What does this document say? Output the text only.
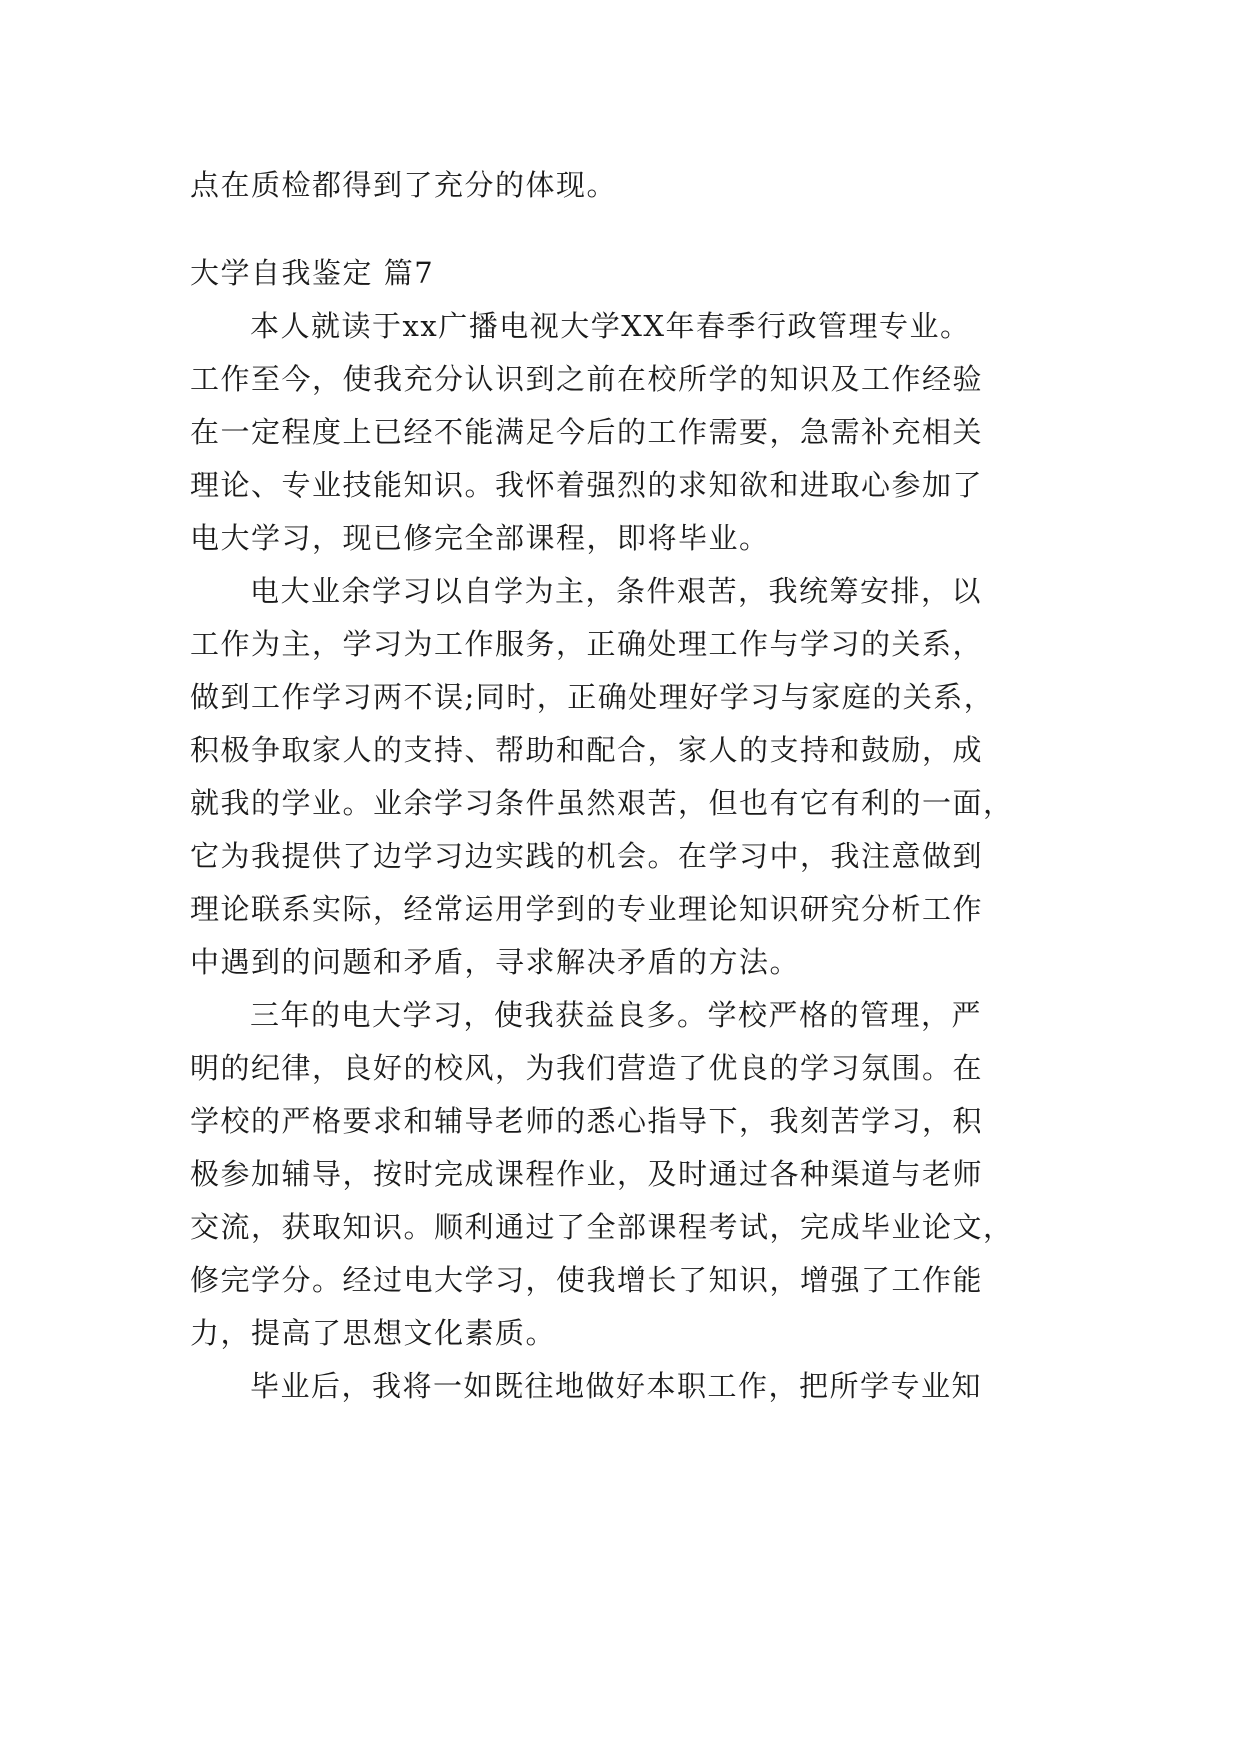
点在质检都得到了充分的体现。
大学自我鉴定 篇7
本人就读于xx广播电视大学XX年春季行政管理专业。
工作至今，使我充分认识到之前在校所学的知识及工作经验
在一定程度上已经不能满足今后的工作需要，急需补充相关
理论、专业技能知识。我怀着强烈的求知欲和进取心参加了
电大学习，现已修完全部课程，即将毕业。
电大业余学习以自学为主，条件艰苦，我统筹安排，以
工作为主，学习为工作服务，正确处理工作与学习的关系，
做到工作学习两不误;同时，正确处理好学习与家庭的关系，
积极争取家人的支持、帮助和配合，家人的支持和鼓励，成
就我的学业。业余学习条件虽然艰苦，但也有它有利的一面，
它为我提供了边学习边实践的机会。在学习中，我注意做到
理论联系实际，经常运用学到的专业理论知识研究分析工作
中遇到的问题和矛盾，寻求解决矛盾的方法。
三年的电大学习，使我获益良多。学校严格的管理，严
明的纪律，良好的校风，为我们营造了优良的学习氛围。在
学校的严格要求和辅导老师的悉心指导下，我刻苦学习，积
极参加辅导，按时完成课程作业，及时通过各种渠道与老师
交流，获取知识。顺利通过了全部课程考试，完成毕业论文，
修完学分。经过电大学习，使我增长了知识，增强了工作能
力，提高了思想文化素质。
毕业后，我将一如既往地做好本职工作，把所学专业知
